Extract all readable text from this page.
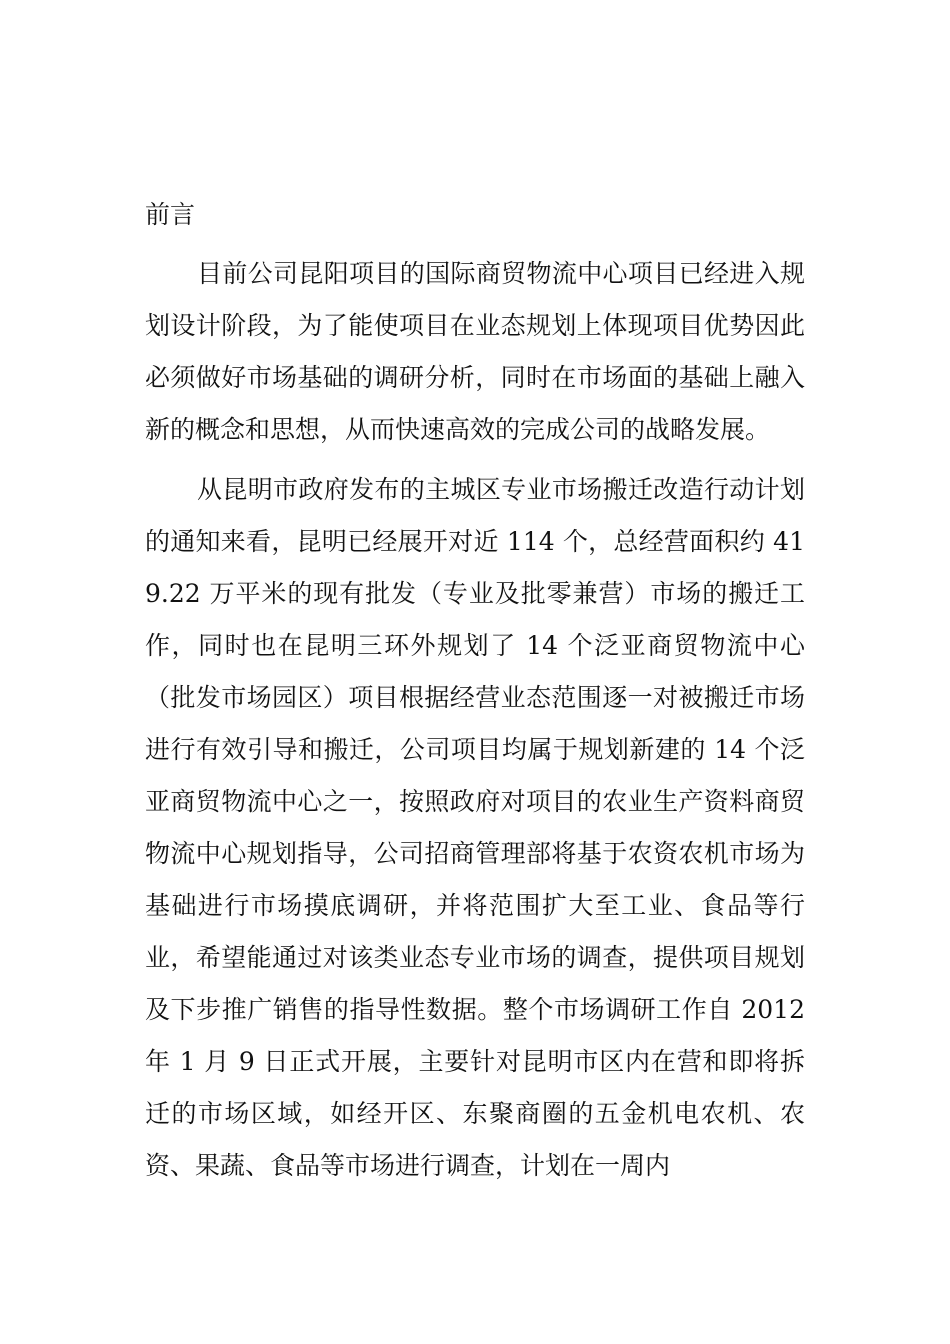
前言

目前公司昆阳项目的国际商贸物流中心项目已经进入规划设计阶段，为了能使项目在业态规划上体现项目优势因此必须做好市场基础的调研分析，同时在市场面的基础上融入新的概念和思想，从而快速高效的完成公司的战略发展。

从昆明市政府发布的主城区专业市场搬迁改造行动计划的通知来看，昆明已经展开对近 114 个，总经营面积约 419.22 万平米的现有批发（专业及批零兼营）市场的搬迁工作，同时也在昆明三环外规划了 14 个泛亚商贸物流中心（批发市场园区）项目根据经营业态范围逐一对被搬迁市场进行有效引导和搬迁，公司项目均属于规划新建的 14 个泛亚商贸物流中心之一，按照政府对项目的农业生产资料商贸物流中心规划指导，公司招商管理部将基于农资农机市场为基础进行市场摸底调研，并将范围扩大至工业、食品等行业，希望能通过对该类业态专业市场的调查，提供项目规划及下步推广销售的指导性数据。整个市场调研工作自 2012 年 1 月 9 日正式开展，主要针对昆明市区内在营和即将拆迁的市场区域，如经开区、东聚商圈的五金机电农机、农资、果蔬、食品等市场进行调查，计划在一周内
